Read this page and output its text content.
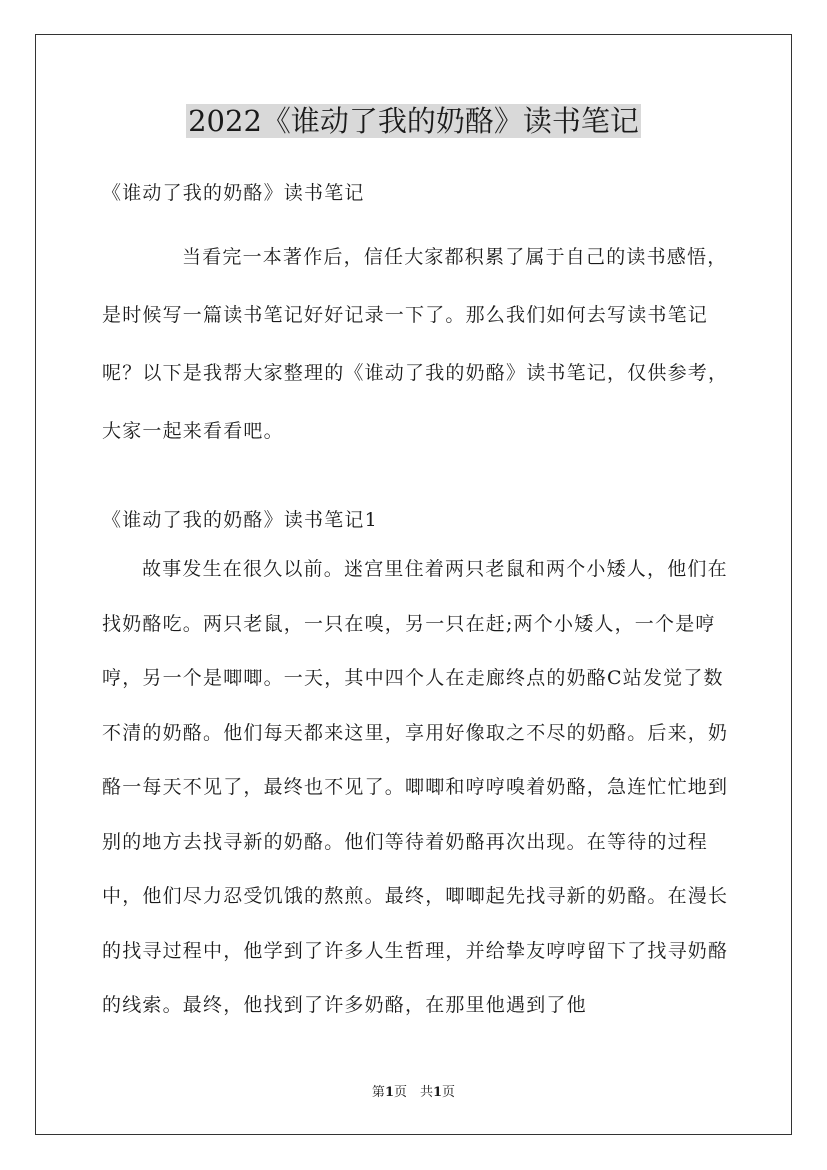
2022《谁动了我的奶酪》读书笔记

《谁动了我的奶酪》读书笔记

当看完一本著作后，信任大家都积累了属于自己的读书感悟，是时候写一篇读书笔记好好记录一下了。那么我们如何去写读书笔记呢？以下是我帮大家整理的《谁动了我的奶酪》读书笔记，仅供参考，大家一起来看看吧。

《谁动了我的奶酪》读书笔记1

故事发生在很久以前。迷宫里住着两只老鼠和两个小矮人，他们在找奶酪吃。两只老鼠，一只在嗅，另一只在赶;两个小矮人，一个是哼哼，另一个是唧唧。一天，其中四个人在走廊终点的奶酪C站发觉了数不清的奶酪。他们每天都来这里，享用好像取之不尽的奶酪。后来，奶酪一每天不见了，最终也不见了。唧唧和哼哼嗅着奶酪，急连忙忙地到别的地方去找寻新的奶酪。他们等待着奶酪再次出现。在等待的过程中，他们尽力忍受饥饿的熬煎。最终，唧唧起先找寻新的奶酪。在漫长的找寻过程中，他学到了许多人生哲理，并给挚友哼哼留下了找寻奶酪的线索。最终，他找到了许多奶酪，在那里他遇到了他

第1页　共1页
